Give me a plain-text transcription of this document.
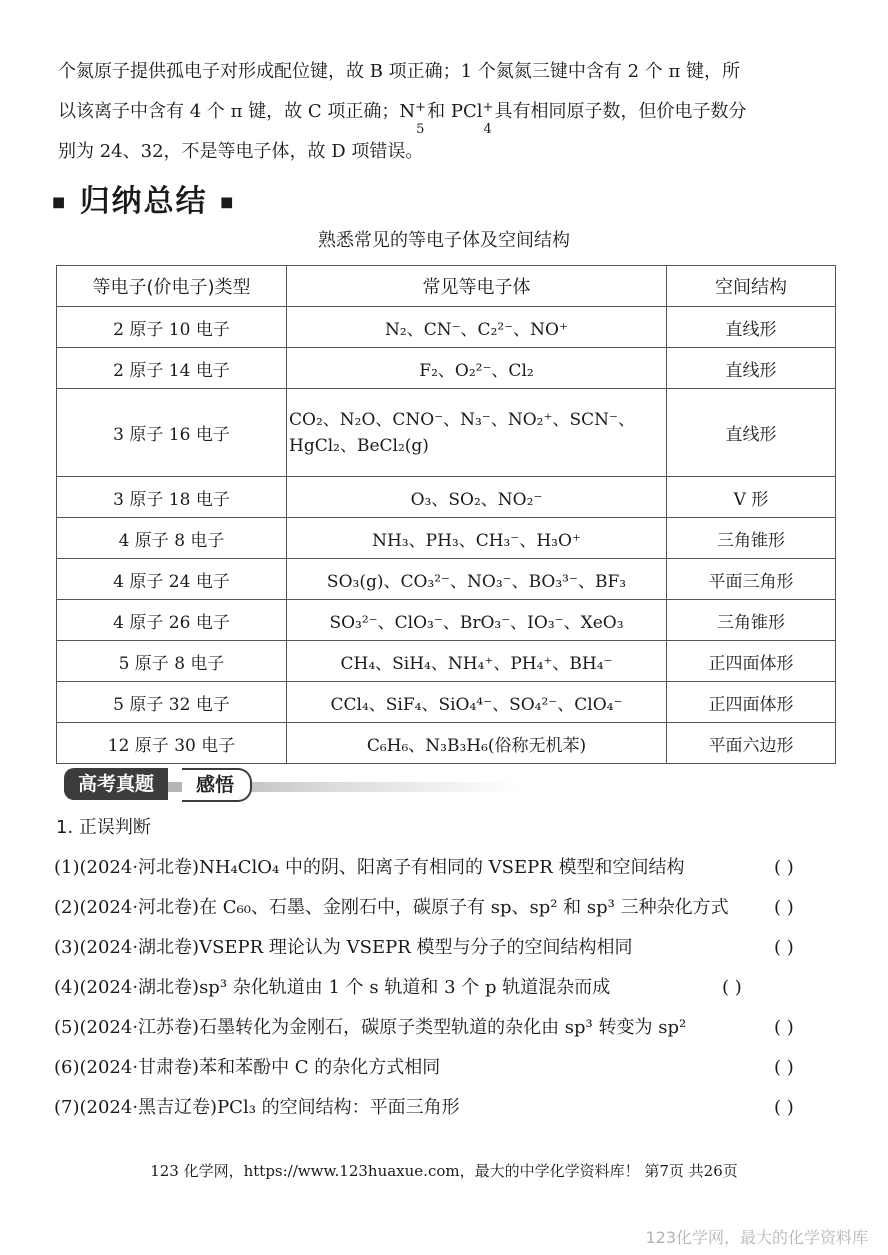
个氮原子提供孤电子对形成配位键，故 B 项正确；1 个氮氮三键中含有 2 个 π 键，所

以该离子中含有 4 个 π 键，故 C 项正确；N +
5
和 PCl +
4
具有相同原子数，但价电子数分

别为 24、32，不是等电子体，故 D 项错误。

■ 归纳总结 ■
熟悉常见的等电子体及空间结构
等电子(价电子)类型	常见等电子体	空间结构
2 原子 10 电子	N₂、CN⁻、C₂²⁻、NO⁺	直线形
2 原子 14 电子	F₂、O₂²⁻、Cl₂	直线形
3 原子 16 电子	CO₂、N₂O、CNO⁻、N₃⁻、NO₂⁺、SCN⁻、HgCl₂、BeCl₂(g)	直线形
3 原子 18 电子	O₃、SO₂、NO₂⁻	V 形
4 原子 8 电子	NH₃、PH₃、CH₃⁻、H₃O⁺	三角锥形
4 原子 24 电子	SO₃(g)、CO₃²⁻、NO₃⁻、BO₃³⁻、BF₃	平面三角形
4 原子 26 电子	SO₃²⁻、ClO₃⁻、BrO₃⁻、IO₃⁻、XeO₃	三角锥形
5 原子 8 电子	CH₄、SiH₄、NH₄⁺、PH₄⁺、BH₄⁻	正四面体形
5 原子 32 电子	CCl₄、SiF₄、SiO₄⁴⁻、SO₄²⁻、ClO₄⁻	正四面体形
12 原子 30 电子	C₆H₆、N₃B₃H₆(俗称无机苯)	平面六边形
感悟
高考真题
1. 正误判断
(1)(2024·河北卷)NH₄ClO₄ 中的阴、阳离子有相同的 VSEPR 模型和空间结构	( )
(2)(2024·河北卷)在 C₆₀、石墨、金刚石中，碳原子有 sp、sp² 和 sp³ 三种杂化方式	( )
(3)(2024·湖北卷)VSEPR 理论认为 VSEPR 模型与分子的空间结构相同	( )
(4)(2024·湖北卷)sp³ 杂化轨道由 1 个 s 轨道和 3 个 p 轨道混杂而成	( )
(5)(2024·江苏卷)石墨转化为金刚石，碳原子类型轨道的杂化由 sp³ 转变为 sp²	( )
(6)(2024·甘肃卷)苯和苯酚中 C 的杂化方式相同	( )
(7)(2024·黑吉辽卷)PCl₃ 的空间结构：平面三角形	( )
123 化学网，https://www.123huaxue.com，最大的中学化学资料库！ 第7页 共26页
123化学网，最大的化学资料库
